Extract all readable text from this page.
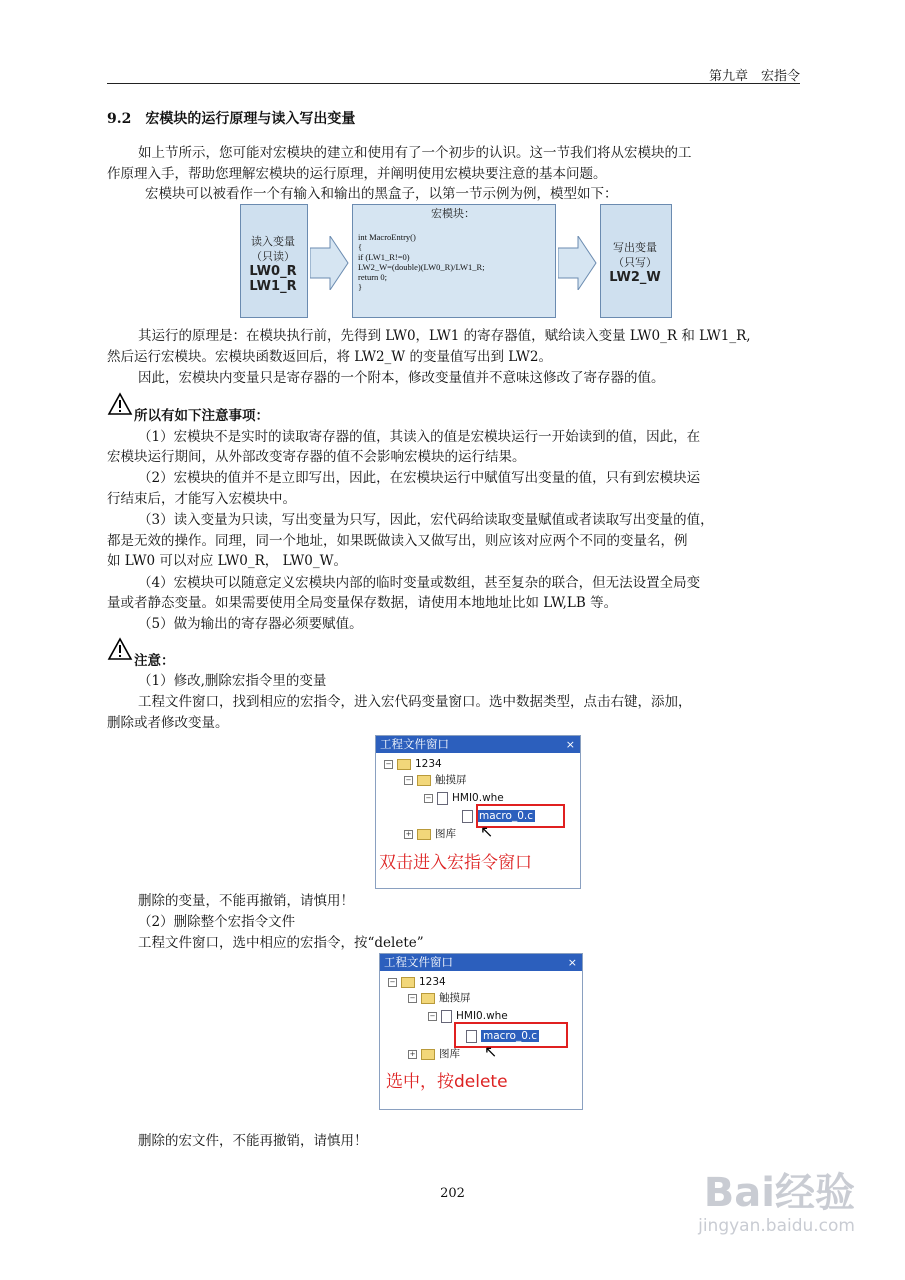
第九章　宏指令
9.2　宏模块的运行原理与读入写出变量
如上节所示，您可能对宏模块的建立和使用有了一个初步的认识。这一节我们将从宏模块的工
作原理入手，帮助您理解宏模块的运行原理，并阐明使用宏模块要注意的基本问题。
宏模块可以被看作一个有输入和输出的黑盒子，以第一节示例为例，模型如下：
读入变量
（只读）
LW0_R
LW1_R
宏模块：
int MacroEntry()
{
if (LW1_R!=0)
LW2_W=(double)(LW0_R)/LW1_R;
return 0;
}
写出变量
（只写）
LW2_W
其运行的原理是：在模块执行前，先得到 LW0，LW1 的寄存器值，赋给读入变量 LW0_R 和 LW1_R,
然后运行宏模块。宏模块函数返回后，将 LW2_W 的变量值写出到 LW2。
因此，宏模块内变量只是寄存器的一个附本，修改变量值并不意味这修改了寄存器的值。
所以有如下注意事项：
（1）宏模块不是实时的读取寄存器的值，其读入的值是宏模块运行一开始读到的值，因此，在
宏模块运行期间，从外部改变寄存器的值不会影响宏模块的运行结果。
（2）宏模块的值并不是立即写出，因此，在宏模块运行中赋值写出变量的值，只有到宏模块运
行结束后，才能写入宏模块中。
（3）读入变量为只读，写出变量为只写，因此，宏代码给读取变量赋值或者读取写出变量的值，
都是无效的操作。同理，同一个地址，如果既做读入又做写出，则应该对应两个不同的变量名，例
如 LW0 可以对应 LW0_R， LW0_W。
（4）宏模块可以随意定义宏模块内部的临时变量或数组，甚至复杂的联合，但无法设置全局变
量或者静态变量。如果需要使用全局变量保存数据，请使用本地地址比如 LW,LB 等。
（5）做为输出的寄存器必须要赋值。
注意：
（1）修改,删除宏指令里的变量
工程文件窗口，找到相应的宏指令，进入宏代码变量窗口。选中数据类型，点击右键，添加，
删除或者修改变量。
工程文件窗口	×
− 1234
− 触摸屏
− HMI0.whe
macro_0.c
+ 图库 ↖
双击进入宏指令窗口
删除的变量，不能再撤销，请慎用！
（2）删除整个宏指令文件
工程文件窗口，选中相应的宏指令，按“delete”
工程文件窗口	×
− 1234
− 触摸屏
− HMI0.whe
macro_0.c
+ 图库 ↖
选中，按delete
删除的宏文件，不能再撤销，请慎用！
202	Bai经验
jingyan.baidu.com
